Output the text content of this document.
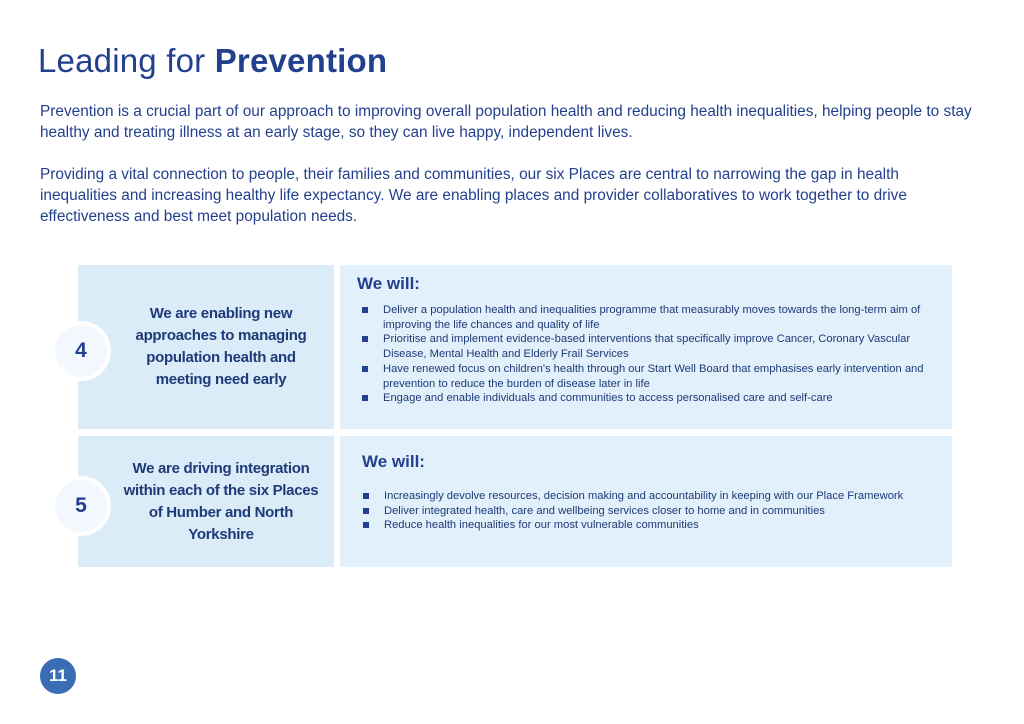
Leading for Prevention

Prevention is a crucial part of our approach to improving overall population health and reducing health inequalities, helping people to stay healthy and treating illness at an early stage, so they can live happy, independent lives.

Providing a vital connection to people, their families and communities, our six Places are central to narrowing the gap in health inequalities and increasing healthy life expectancy. We are enabling places and provider collaboratives to work together to drive effectiveness and best meet population needs.

We are enabling new approaches to managing population health and meeting need early
4
We will:
Deliver a population health and inequalities programme that measurably moves towards the long-term aim of improving the life chances and quality of life
Prioritise and implement evidence-based interventions that specifically improve Cancer, Coronary Vascular Disease, Mental Health and Elderly Frail Services
Have renewed focus on children's health through our Start Well Board that emphasises early intervention and prevention to reduce the burden of disease later in life
Engage and enable individuals and communities to access personalised care and self-care
We are driving integration within each of the six Places of Humber and North Yorkshire
5
We will:
Increasingly devolve resources, decision making and accountability in keeping with our Place Framework
Deliver integrated health, care and wellbeing services closer to home and in communities
Reduce health inequalities for our most vulnerable communities
11
